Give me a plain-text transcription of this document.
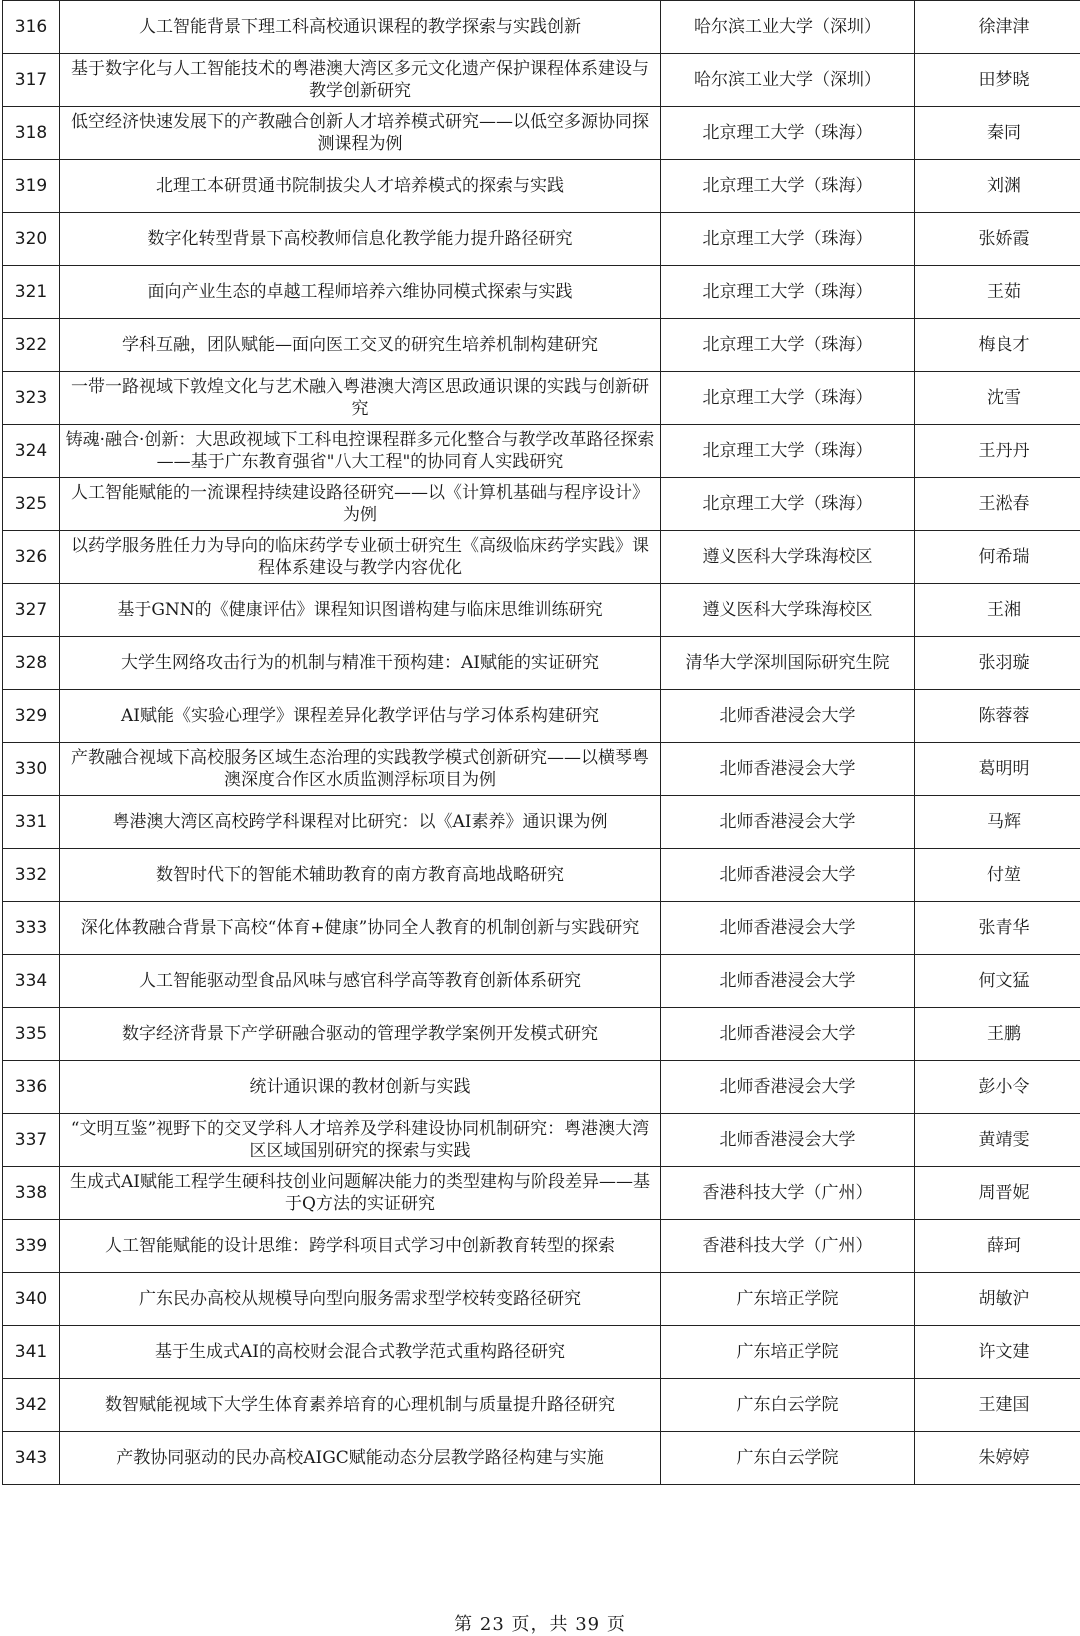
316	人工智能背景下理工科高校通识课程的教学探索与实践创新	哈尔滨工业大学（深圳）	徐津津
317	基于数字化与人工智能技术的粤港澳大湾区多元文化遗产保护课程体系建设与教学创新研究	哈尔滨工业大学（深圳）	田梦晓
318	低空经济快速发展下的产教融合创新人才培养模式研究——以低空多源协同探测课程为例	北京理工大学（珠海）	秦同
319	北理工本研贯通书院制拔尖人才培养模式的探索与实践	北京理工大学（珠海）	刘渊
320	数字化转型背景下高校教师信息化教学能力提升路径研究	北京理工大学（珠海）	张娇霞
321	面向产业生态的卓越工程师培养六维协同模式探索与实践	北京理工大学（珠海）	王茹
322	学科互融，团队赋能—面向医工交叉的研究生培养机制构建研究	北京理工大学（珠海）	梅良才
323	一带一路视域下敦煌文化与艺术融入粤港澳大湾区思政通识课的实践与创新研究	北京理工大学（珠海）	沈雪
324	铸魂·融合·创新：大思政视域下工科电控课程群多元化整合与教学改革路径探索——基于广东教育强省"八大工程"的协同育人实践研究	北京理工大学（珠海）	王丹丹
325	人工智能赋能的一流课程持续建设路径研究——以《计算机基础与程序设计》为例	北京理工大学（珠海）	王淞春
326	以药学服务胜任力为导向的临床药学专业硕士研究生《高级临床药学实践》课程体系建设与教学内容优化	遵义医科大学珠海校区	何希瑞
327	基于GNN的《健康评估》课程知识图谱构建与临床思维训练研究	遵义医科大学珠海校区	王湘
328	大学生网络攻击行为的机制与精准干预构建：AI赋能的实证研究	清华大学深圳国际研究生院	张羽璇
329	AI赋能《实验心理学》课程差异化教学评估与学习体系构建研究	北师香港浸会大学	陈蓉蓉
330	产教融合视域下高校服务区域生态治理的实践教学模式创新研究——以横琴粤澳深度合作区水质监测浮标项目为例	北师香港浸会大学	葛明明
331	粤港澳大湾区高校跨学科课程对比研究：以《AI素养》通识课为例	北师香港浸会大学	马辉
332	数智时代下的智能术辅助教育的南方教育高地战略研究	北师香港浸会大学	付堃
333	深化体教融合背景下高校“体育+健康”协同全人教育的机制创新与实践研究	北师香港浸会大学	张青华
334	人工智能驱动型食品风味与感官科学高等教育创新体系研究	北师香港浸会大学	何文猛
335	数字经济背景下产学研融合驱动的管理学教学案例开发模式研究	北师香港浸会大学	王鹏
336	统计通识课的教材创新与实践	北师香港浸会大学	彭小令
337	“文明互鉴”视野下的交叉学科人才培养及学科建设协同机制研究：粤港澳大湾区区域国别研究的探索与实践	北师香港浸会大学	黄靖雯
338	生成式AI赋能工程学生硬科技创业问题解决能力的类型建构与阶段差异——基于Q方法的实证研究	香港科技大学（广州）	周晋妮
339	人工智能赋能的设计思维：跨学科项目式学习中创新教育转型的探索	香港科技大学（广州）	薛珂
340	广东民办高校从规模导向型向服务需求型学校转变路径研究	广东培正学院	胡敏沪
341	基于生成式AI的高校财会混合式教学范式重构路径研究	广东培正学院	许文建
342	数智赋能视域下大学生体育素养培育的心理机制与质量提升路径研究	广东白云学院	王建国
343	产教协同驱动的民办高校AIGC赋能动态分层教学路径构建与实施	广东白云学院	朱婷婷
第 23 页，共 39 页
